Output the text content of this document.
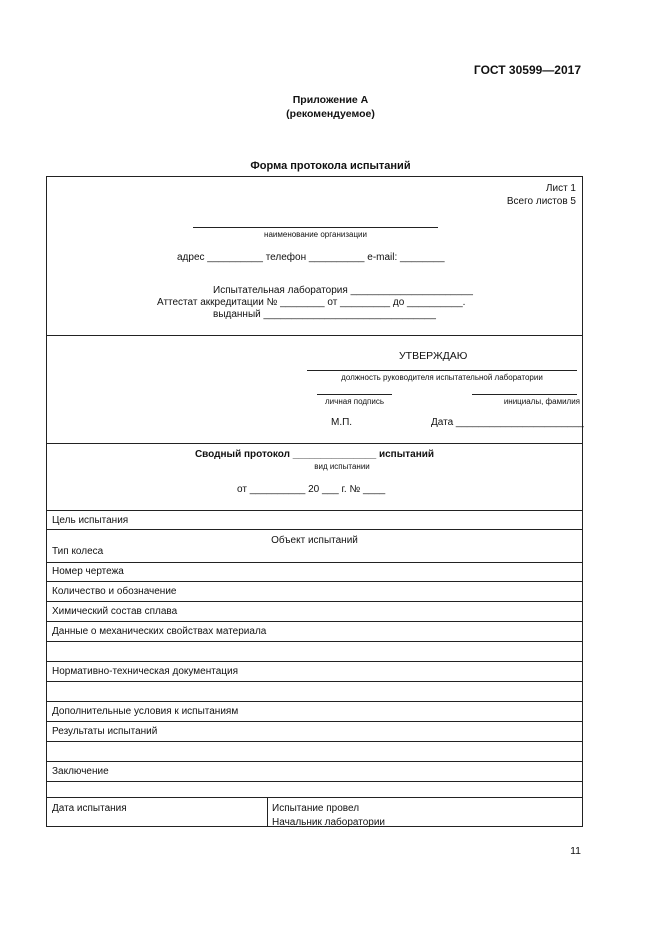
ГОСТ 30599—2017
Приложение А
(рекомендуемое)
Форма протокола испытаний
Лист 1
Всего листов 5
наименование организации
адрес __________ телефон __________ e-mail: ________
Испытательная лаборатория ______________________
Аттестат аккредитации № ________ от _________ до __________.
выданный _______________________________
УТВЕРЖДАЮ
должность руководителя испытательной лаборатории
личная подпись	инициалы, фамилия
М.П.	Дата _______________________
Сводный протокол _______________ испытаний
вид испытании
от __________ 20 ___ г. № ____
Цель испытания
Объект испытаний
Тип колеса
Номер чертежа
Количество и обозначение
Химический состав сплава
Данные о механических свойствах материала
Нормативно-техническая документация
Дополнительные условия к испытаниям
Результаты испытаний
Заключение
Дата испытания	Испытание провел
Начальник лаборатории
11
